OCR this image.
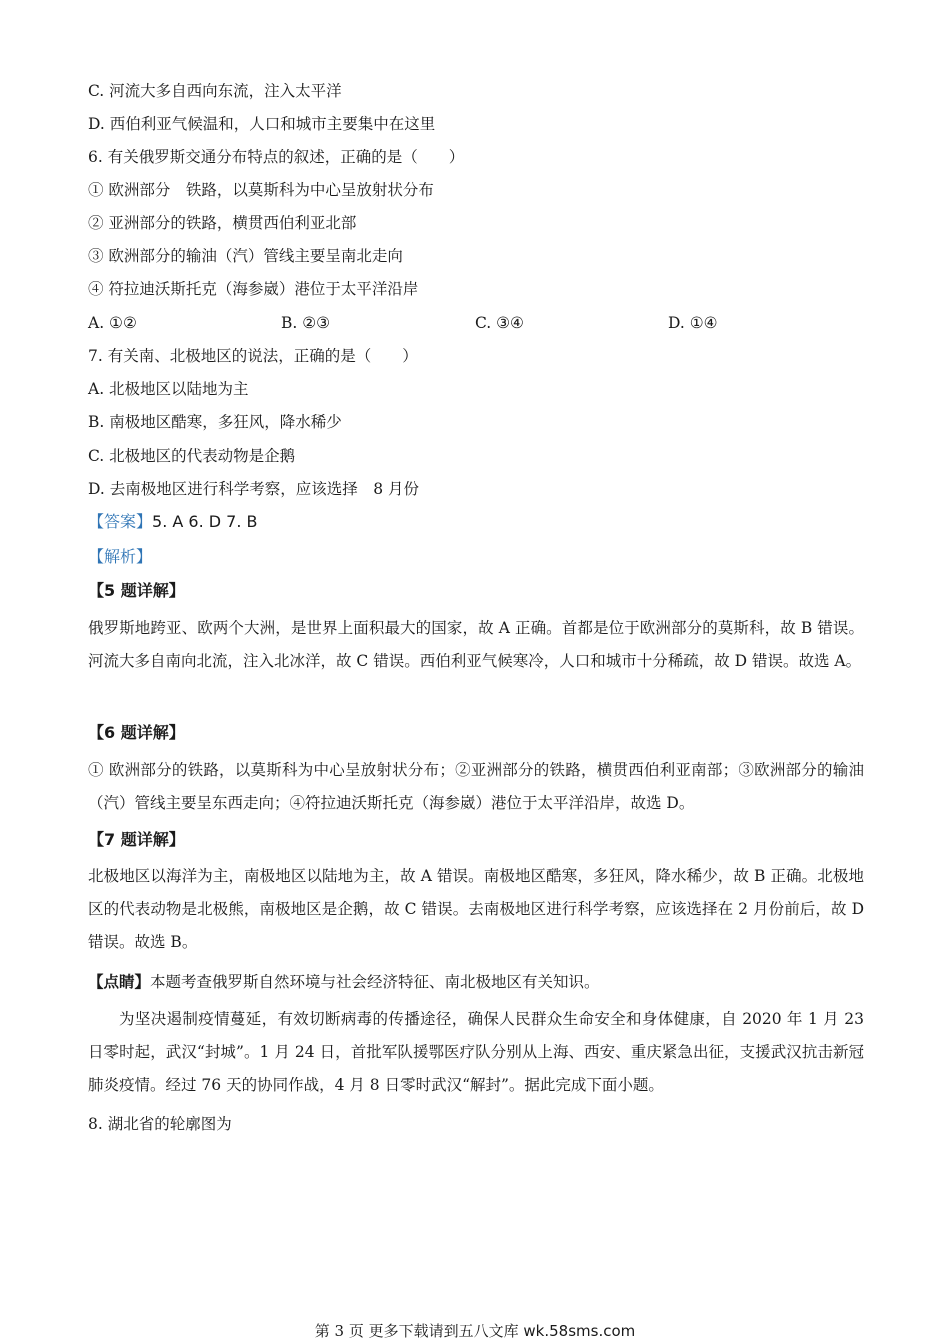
C. 河流大多自西向东流，注入太平洋
D. 西伯利亚气候温和，人口和城市主要集中在这里
6. 有关俄罗斯交通分布特点的叙述，正确的是（　　）
① 欧洲部分　铁路，以莫斯科为中心呈放射状分布
② 亚洲部分的铁路，横贯西伯利亚北部
③ 欧洲部分的输油（汽）管线主要呈南北走向
④ 符拉迪沃斯托克（海参崴）港位于太平洋沿岸
A. ①②	B. ②③	C. ③④	D. ①④
7. 有关南、北极地区的说法，正确的是（　　）
A. 北极地区以陆地为主
B. 南极地区酷寒，多狂风，降水稀少
C. 北极地区的代表动物是企鹅
D. 去南极地区进行科学考察，应该选择　8 月份
【答案】5. A 6. D 7. B
【解析】
【5 题详解】
俄罗斯地跨亚、欧两个大洲，是世界上面积最大的国家，故 A 正确。首都是位于欧洲部分的莫斯科，故 B 错误。河流大多自南向北流，注入北冰洋，故 C 错误。西伯利亚气候寒冷，人口和城市十分稀疏，故 D 错误。故选 A。
【6 题详解】
① 欧洲部分的铁路，以莫斯科为中心呈放射状分布；②亚洲部分的铁路，横贯西伯利亚南部；③欧洲部分的输油（汽）管线主要呈东西走向；④符拉迪沃斯托克（海参崴）港位于太平洋沿岸，故选 D。
【7 题详解】
北极地区以海洋为主，南极地区以陆地为主，故 A 错误。南极地区酷寒，多狂风，降水稀少，故 B 正确。北极地区的代表动物是北极熊，南极地区是企鹅，故 C 错误。去南极地区进行科学考察，应该选择在 2 月份前后，故 D 错误。故选 B。
【点睛】本题考查俄罗斯自然环境与社会经济特征、南北极地区有关知识。
为坚决遏制疫情蔓延，有效切断病毒的传播途径，确保人民群众生命安全和身体健康，自 2020 年 1 月 23 日零时起，武汉“封城”。1 月 24 日，首批军队援鄂医疗队分别从上海、西安、重庆紧急出征，支援武汉抗击新冠肺炎疫情。经过 76 天的协同作战，4 月 8 日零时武汉“解封”。据此完成下面小题。
8. 湖北省的轮廓图为
第 3 页 更多下载请到五八文库 wk.58sms.com
